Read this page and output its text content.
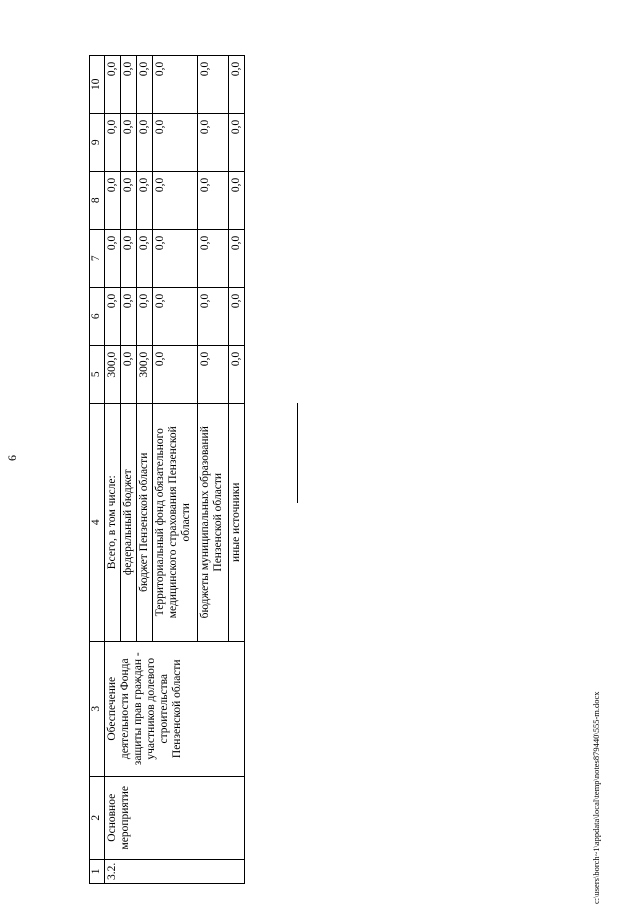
6
c:\users\borch~1\appdata\local\temp\notes879440\555-m.docx
1	2	3	4	5	6	7	8	9	10
3.2.	Основное мероприятие	Обеспечение деятельности Фонда защиты прав граждан - участников долевого строительства Пензенской области	Всего, в том числе:	300,0	0,0	0,0	0,0	0,0	0,0
			федеральный бюджет	0,0	0,0	0,0	0,0	0,0	0,0
			бюджет Пензенской области	300,0	0,0	0,0	0,0	0,0	0,0
			Территориальный фонд обязательного медицинского страхования Пензенской области	0,0	0,0	0,0	0,0	0,0	0,0
			бюджеты муниципальных образований Пензенской области	0,0	0,0	0,0	0,0	0,0	0,0
			иные источники	0,0	0,0	0,0	0,0	0,0	0,0
